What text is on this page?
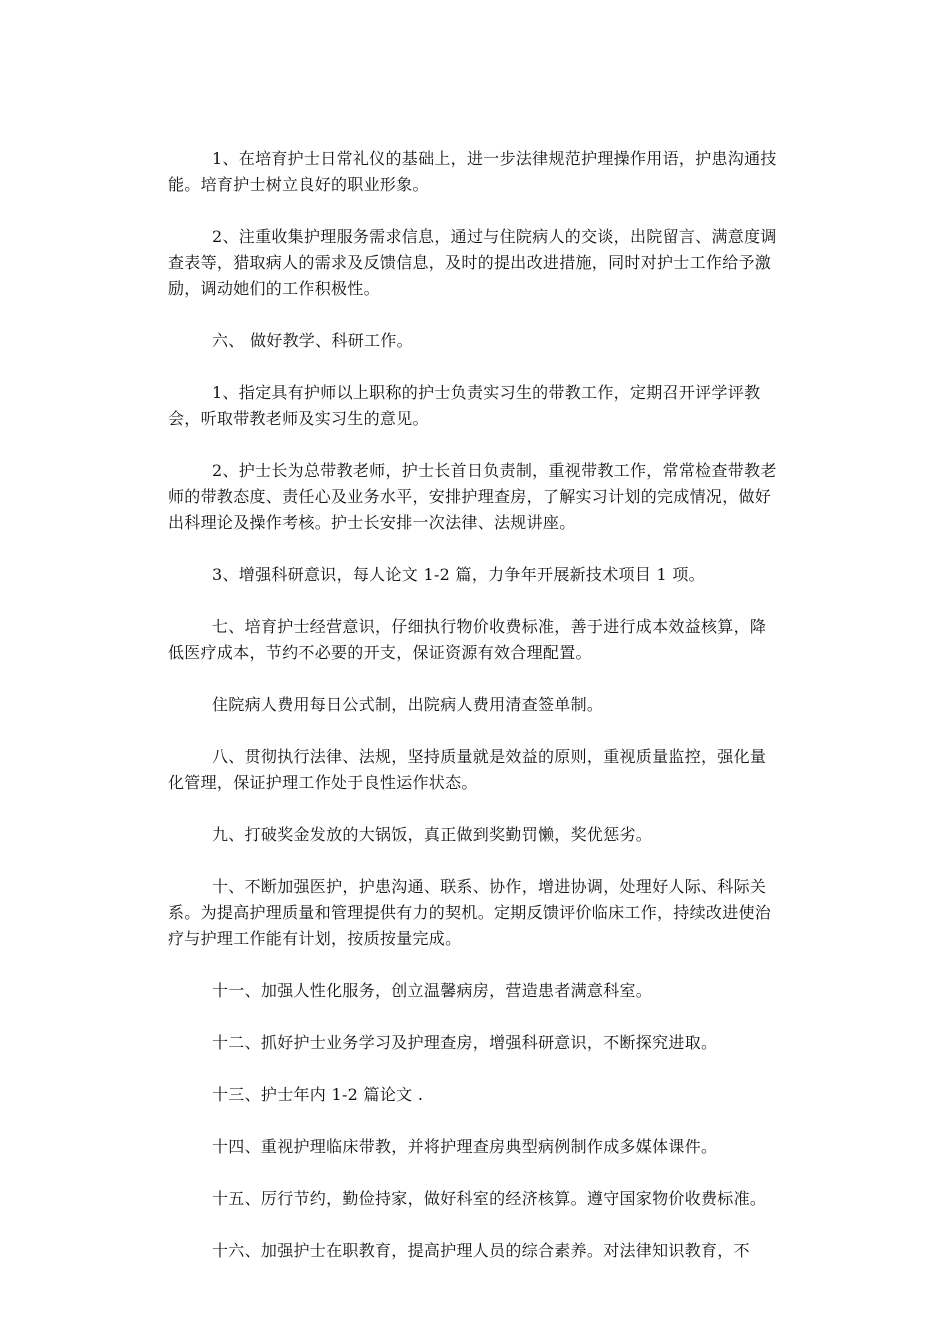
1、在培育护士日常礼仪的基础上，进一步法律规范护理操作用语，护患沟通技能。培育护士树立良好的职业形象。

2、注重收集护理服务需求信息，通过与住院病人的交谈，出院留言、满意度调查表等，猎取病人的需求及反馈信息，及时的提出改进措施，同时对护士工作给予激励，调动她们的工作积极性。

六、 做好教学、科研工作。

1、指定具有护师以上职称的护士负责实习生的带教工作，定期召开评学评教会，听取带教老师及实习生的意见。

2、护士长为总带教老师，护士长首日负责制，重视带教工作，常常检查带教老师的带教态度、责任心及业务水平，安排护理查房，了解实习计划的完成情况，做好出科理论及操作考核。护士长安排一次法律、法规讲座。

3、增强科研意识，每人论文 1-2 篇，力争年开展新技术项目 1 项。

七、培育护士经营意识，仔细执行物价收费标准，善于进行成本效益核算，降低医疗成本，节约不必要的开支，保证资源有效合理配置。

住院病人费用每日公式制，出院病人费用清查签单制。

八、贯彻执行法律、法规，坚持质量就是效益的原则，重视质量监控，强化量化管理，保证护理工作处于良性运作状态。

九、打破奖金发放的大锅饭，真正做到奖勤罚懒，奖优惩劣。

十、不断加强医护，护患沟通、联系、协作，增进协调，处理好人际、科际关系。为提高护理质量和管理提供有力的契机。定期反馈评价临床工作，持续改进使治疗与护理工作能有计划，按质按量完成。

十一、加强人性化服务，创立温馨病房，营造患者满意科室。

十二、抓好护士业务学习及护理查房，增强科研意识，不断探究进取。

十三、护士年内 1-2 篇论文 .

十四、重视护理临床带教，并将护理查房典型病例制作成多媒体课件。

十五、厉行节约，勤俭持家，做好科室的经济核算。遵守国家物价收费标准。

十六、加强护士在职教育，提高护理人员的综合素养。对法律知识教育，不
